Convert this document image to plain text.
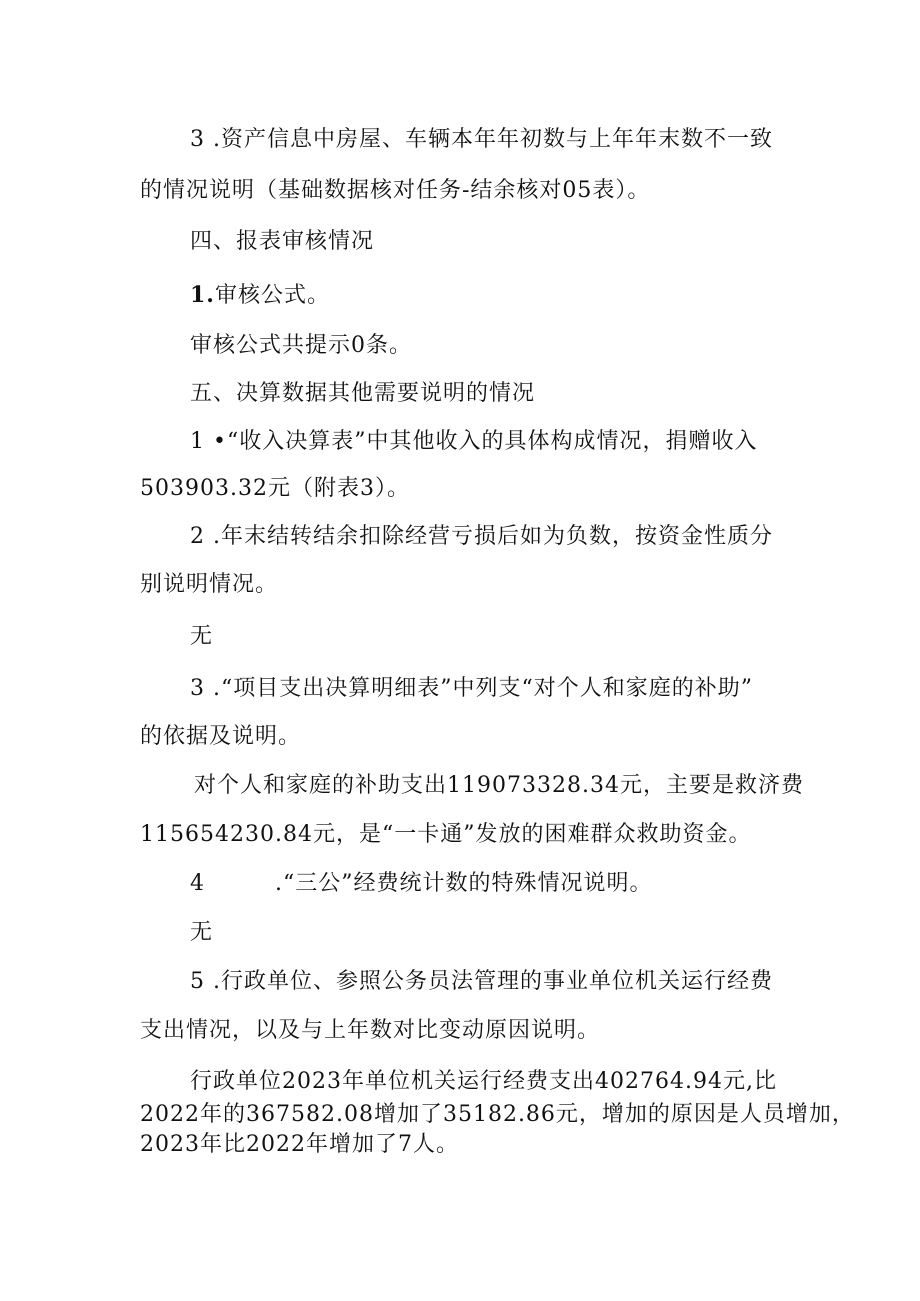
3 .资产信息中房屋、车辆本年年初数与上年年末数不一致
的情况说明（基础数据核对任务-结余核对05表）。
四、报表审核情况
1.审核公式。
审核公式共提示0条。
五、决算数据其他需要说明的情况
1 •“收入决算表”中其他收入的具体构成情况，捐赠收入
503903.32元（附表3）。
2 .年末结转结余扣除经营亏损后如为负数，按资金性质分
别说明情况。
无
3 .“项目支出决算明细表”中列支“对个人和家庭的补助”
的依据及说明。
对个人和家庭的补助支出119073328.34元，主要是救济费
115654230.84元，是“一卡通”发放的困难群众救助资金。
4	.“三公”经费统计数的特殊情况说明。
无
5 .行政单位、参照公务员法管理的事业单位机关运行经费
支出情况，以及与上年数对比变动原因说明。
行政单位2023年单位机关运行经费支出402764.94元,比
2022年的367582.08增加了35182.86元，增加的原因是人员增加，
2023年比2022年增加了7人。
